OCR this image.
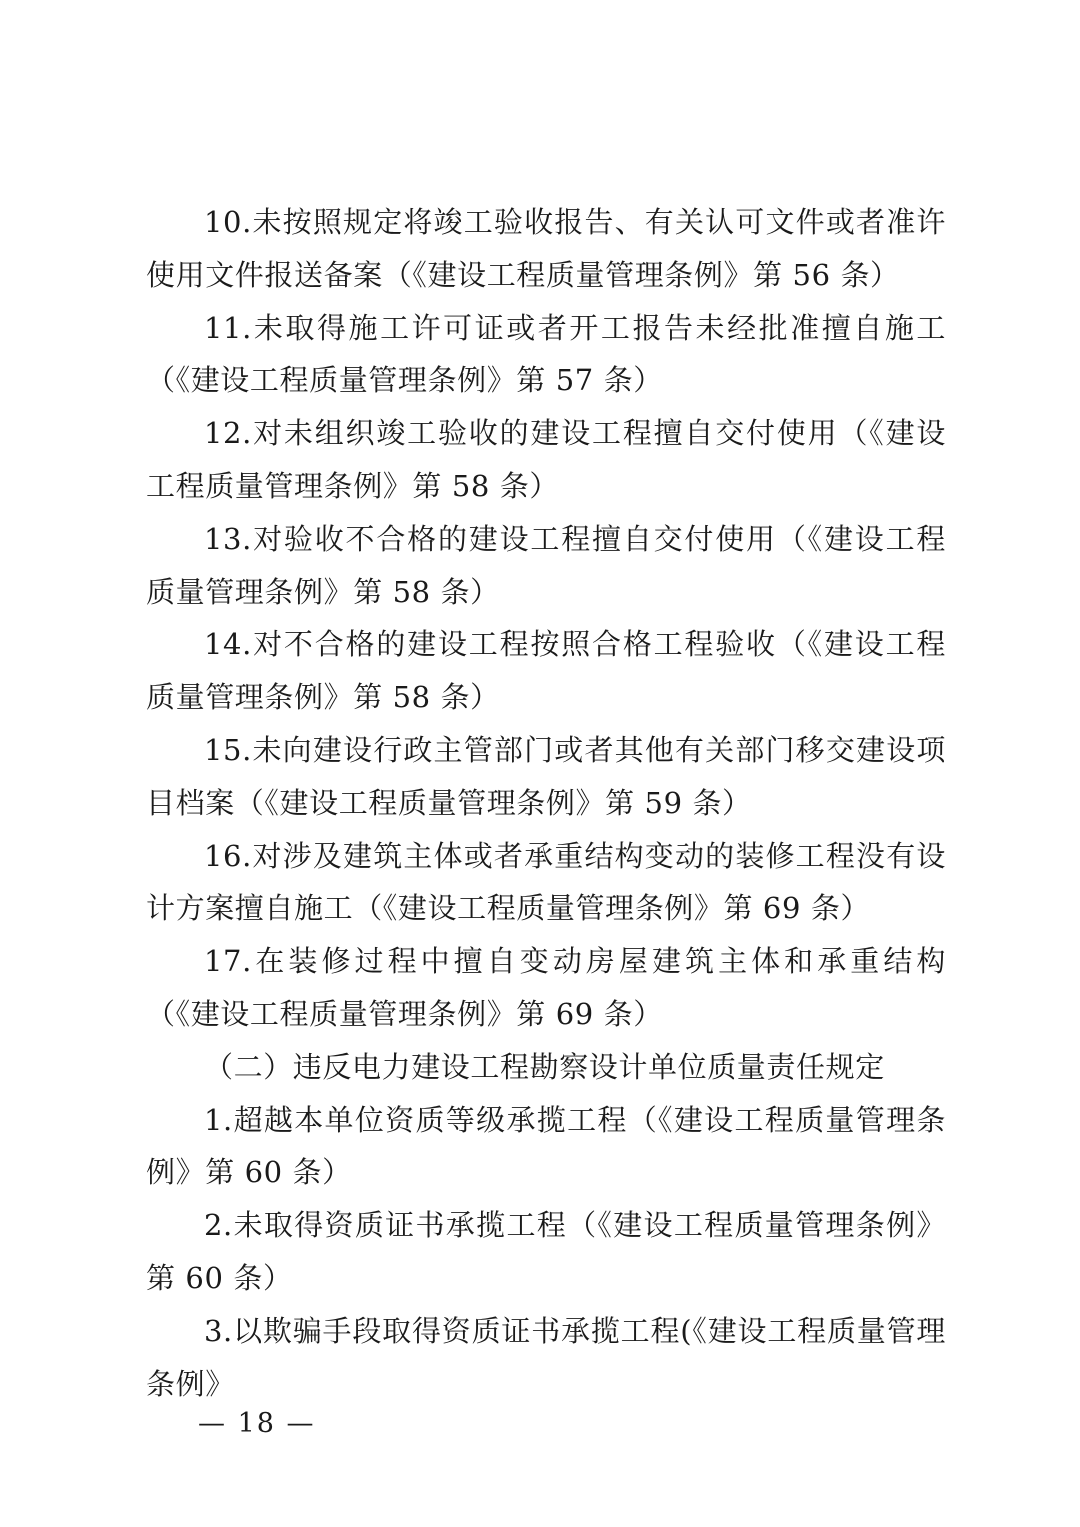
10.未按照规定将竣工验收报告、有关认可文件或者准许使用文件报送备案（《建设工程质量管理条例》第 56 条）

11.未取得施工许可证或者开工报告未经批准擅自施工（《建设工程质量管理条例》第 57 条）

12.对未组织竣工验收的建设工程擅自交付使用（《建设工程质量管理条例》第 58 条）

13.对验收不合格的建设工程擅自交付使用（《建设工程质量管理条例》第 58 条）

14.对不合格的建设工程按照合格工程验收（《建设工程质量管理条例》第 58 条）

15.未向建设行政主管部门或者其他有关部门移交建设项目档案（《建设工程质量管理条例》第 59 条）

16.对涉及建筑主体或者承重结构变动的装修工程没有设计方案擅自施工（《建设工程质量管理条例》第 69 条）

17.在装修过程中擅自变动房屋建筑主体和承重结构（《建设工程质量管理条例》第 69 条）

（二）违反电力建设工程勘察设计单位质量责任规定

1.超越本单位资质等级承揽工程（《建设工程质量管理条例》第 60 条）

2.未取得资质证书承揽工程（《建设工程质量管理条例》第 60 条）

3.以欺骗手段取得资质证书承揽工程(《建设工程质量管理条例》

— 18 —
